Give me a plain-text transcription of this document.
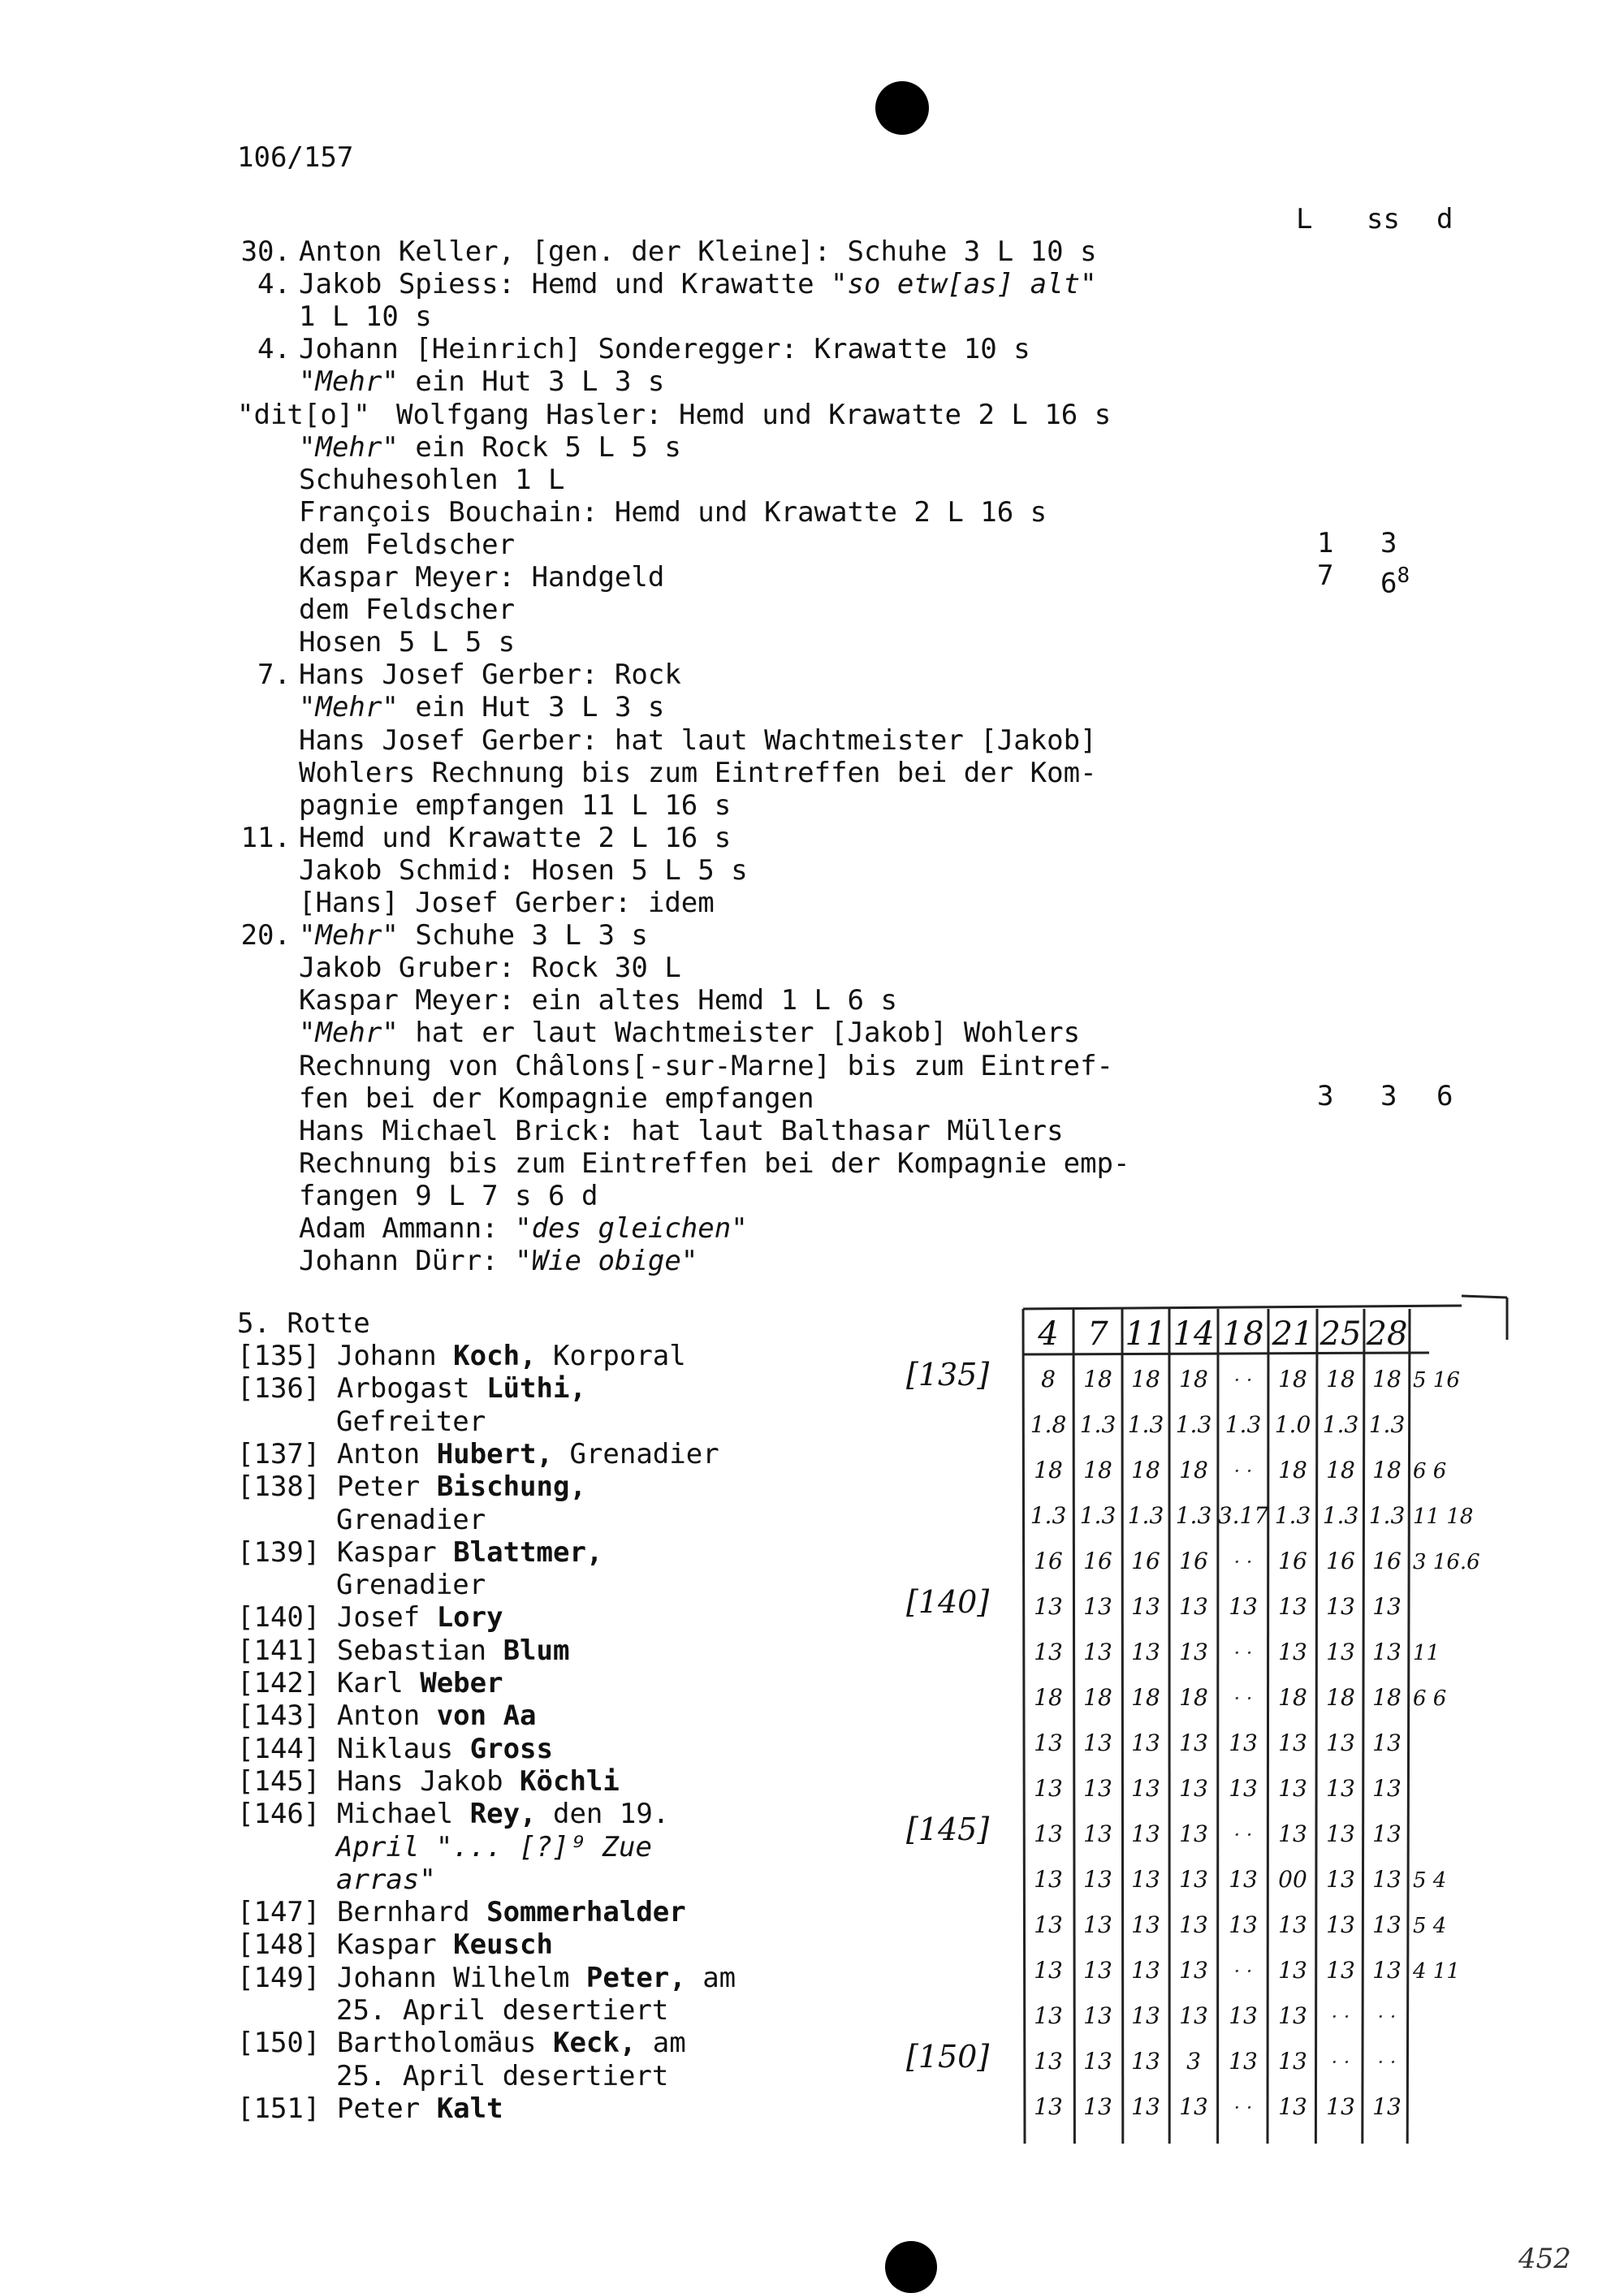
106/157
L ss d
30. Anton Keller, [gen. der Kleine]: Schuhe 3 L 10 s
4. Jakob Spiess: Hemd und Krawatte "so etw[as] alt"
1 L 10 s
4. Johann [Heinrich] Sonderegger: Krawatte 10 s
"Mehr" ein Hut 3 L 3 s
"dit[o]" Wolfgang Hasler: Hemd und Krawatte 2 L 16 s
"Mehr" ein Rock 5 L 5 s
Schuhesohlen 1 L
François Bouchain: Hemd und Krawatte 2 L 16 s
dem Feldscher
Kaspar Meyer: Handgeld
dem Feldscher
Hosen 5 L 5 s
7. Hans Josef Gerber: Rock
"Mehr" ein Hut 3 L 3 s
Hans Josef Gerber: hat laut Wachtmeister [Jakob]
Wohlers Rechnung bis zum Eintreffen bei der Kom-
pagnie empfangen 11 L 16 s
11. Hemd und Krawatte 2 L 16 s
Jakob Schmid: Hosen 5 L 5 s
[Hans] Josef Gerber: idem
20. "Mehr" Schuhe 3 L 3 s
Jakob Gruber: Rock 30 L
Kaspar Meyer: ein altes Hemd 1 L 6 s
"Mehr" hat er laut Wachtmeister [Jakob] Wohlers
Rechnung von Châlons[-sur-Marne] bis zum Eintref-
fen bei der Kompagnie empfangen
Hans Michael Brick: hat laut Balthasar Müllers
Rechnung bis zum Eintreffen bei der Kompagnie emp-
fangen 9 L 7 s 6 d
Adam Ammann: "des gleichen"
Johann Dürr: "Wie obige"
1 3
7 $6^8$
3 3 6
5. Rotte
[135] Johann Koch, Korporal
[136] Arbogast Lüthi,
Gefreiter
[137] Anton Hubert, Grenadier
[138] Peter Bischung,
Grenadier
[139] Kaspar Blattmer,
Grenadier
[140] Josef Lory
[141] Sebastian Blum
[142] Karl Weber
[143] Anton von Aa
[144] Niklaus Gross
[145] Hans Jakob Köchli
[146] Michael Rey, den 19.
April "... [?]⁹ Zue
arras"
[147] Bernhard Sommerhalder
[148] Kaspar Keusch
[149] Johann Wilhelm Peter, am
25. April desertiert
[150] Bartholomäus Keck, am
25. April desertiert
[151] Peter Kalt
[135]
[140]
[145]
[150]
4 7 11 14 18 21 25 28
8 18 18 18 · · 18 18 18
1.8 1.3 1.3 1.3 1.3 1.0 1.3 1.3
18 18 18 18 · · 18 18 18
1.3 1.3 1.3 1.3 3.17 1.3 1.3 1.3
16 16 16 16 · · 16 16 16
13 13 13 13 13 13 13 13
13 13 13 13 · · 13 13 13
18 18 18 18 · · 18 18 18
13 13 13 13 13 13 13 13
13 13 13 13 13 13 13 13
13 13 13 13 · · 13 13 13
13 13 13 13 13 00 13 13
13 13 13 13 13 13 13 13
13 13 13 13 · · 13 13 13
13 13 13 13 13 13 · · · ·
13 13 13 3 13 13 · · · ·
13 13 13 13 · · 13 13 13
5 16
6 6
11 18
3 16.6
11
6 6
5 4
5 4
4 11
452
